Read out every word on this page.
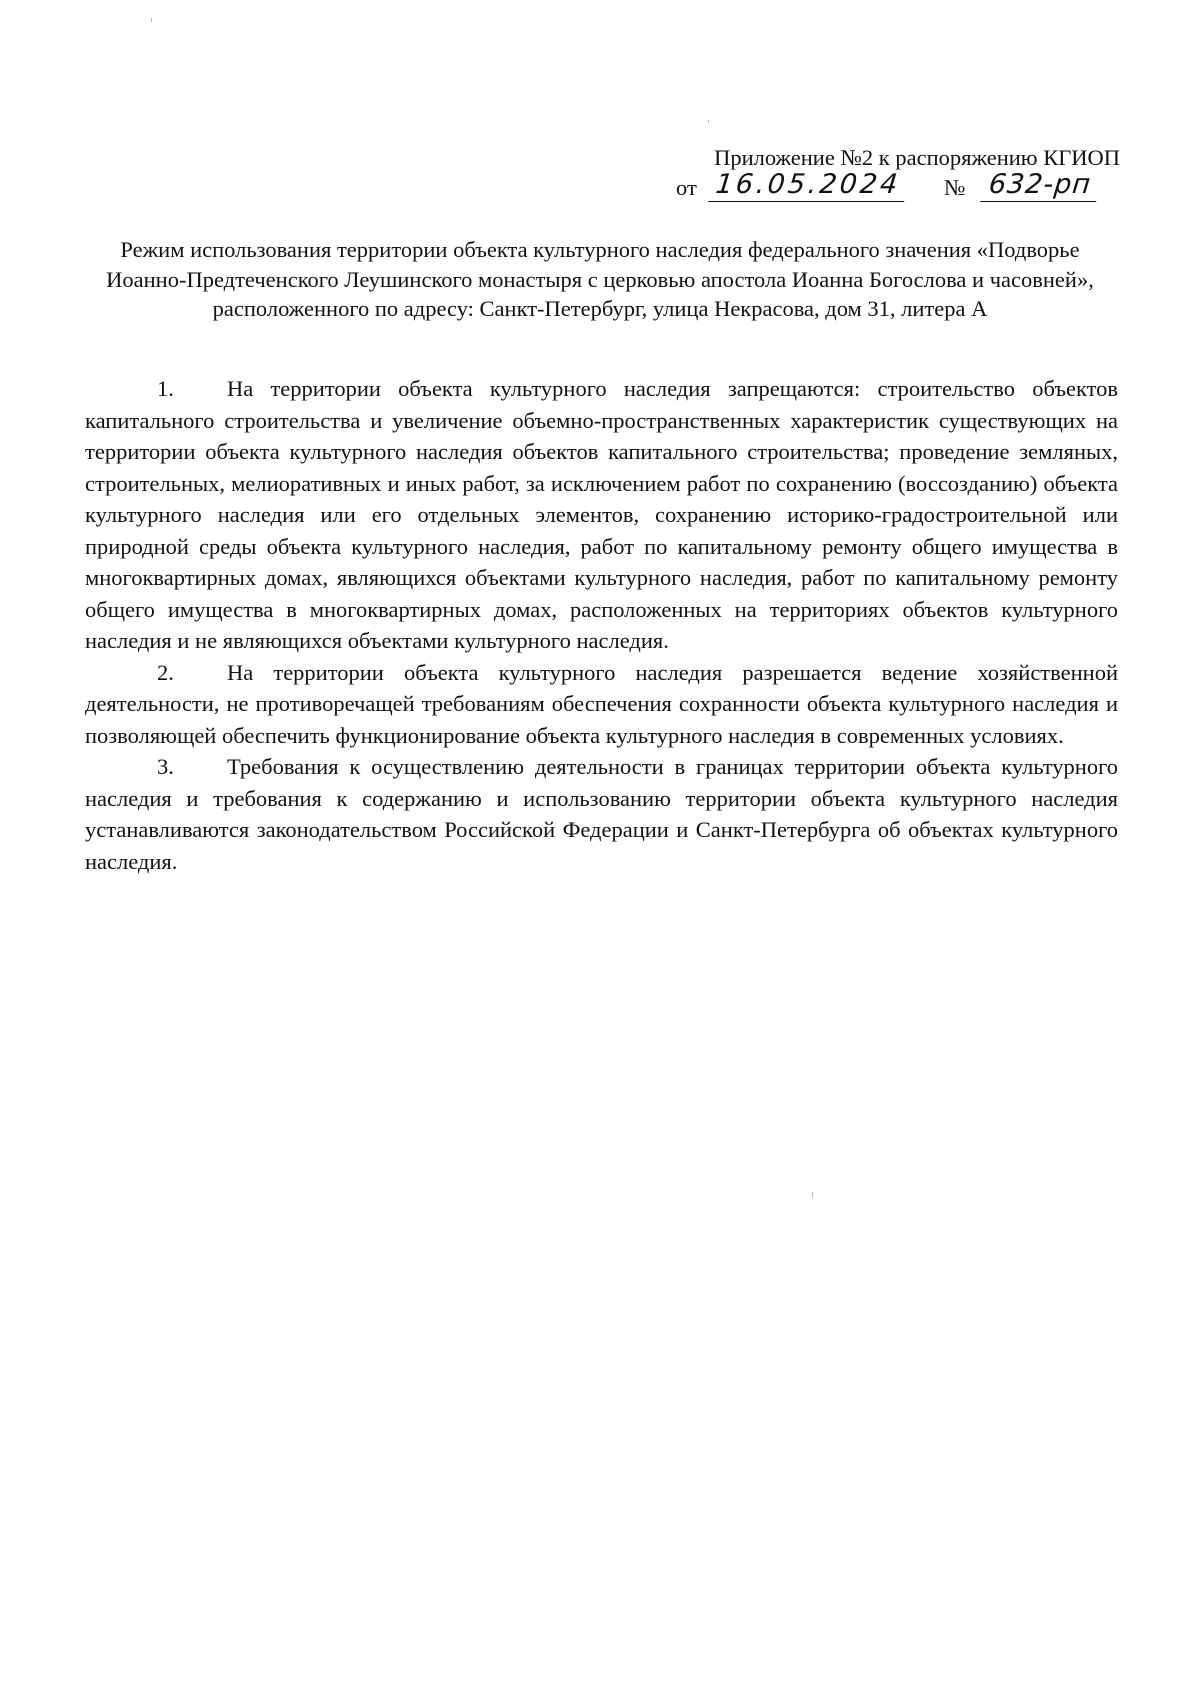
Приложение №2 к распоряжению КГИОП
от 16.05.2024 № 632-рп
Режим использования территории объекта культурного наследия федерального значения «Подворье Иоанно-Предтеченского Леушинского монастыря с церковью апостола Иоанна Богослова и часовней», расположенного по адресу: Санкт-Петербург, улица Некрасова, дом 31, литера А

1. На территории объекта культурного наследия запрещаются: строительство объектов капитального строительства и увеличение объемно-пространственных характеристик существующих на территории объекта культурного наследия объектов капитального строительства; проведение земляных, строительных, мелиоративных и иных работ, за исключением работ по сохранению (воссозданию) объекта культурного наследия или его отдельных элементов, сохранению историко-градостроительной или природной среды объекта культурного наследия, работ по капитальному ремонту общего имущества в многоквартирных домах, являющихся объектами культурного наследия, работ по капитальному ремонту общего имущества в многоквартирных домах, расположенных на территориях объектов культурного наследия и не являющихся объектами культурного наследия.

2. На территории объекта культурного наследия разрешается ведение хозяйственной деятельности, не противоречащей требованиям обеспечения сохранности объекта культурного наследия и позволяющей обеспечить функционирование объекта культурного наследия в современных условиях.

3. Требования к осуществлению деятельности в границах территории объекта культурного наследия и требования к содержанию и использованию территории объекта культурного наследия устанавливаются законодательством Российской Федерации и Санкт-Петербурга об объектах культурного наследия.
